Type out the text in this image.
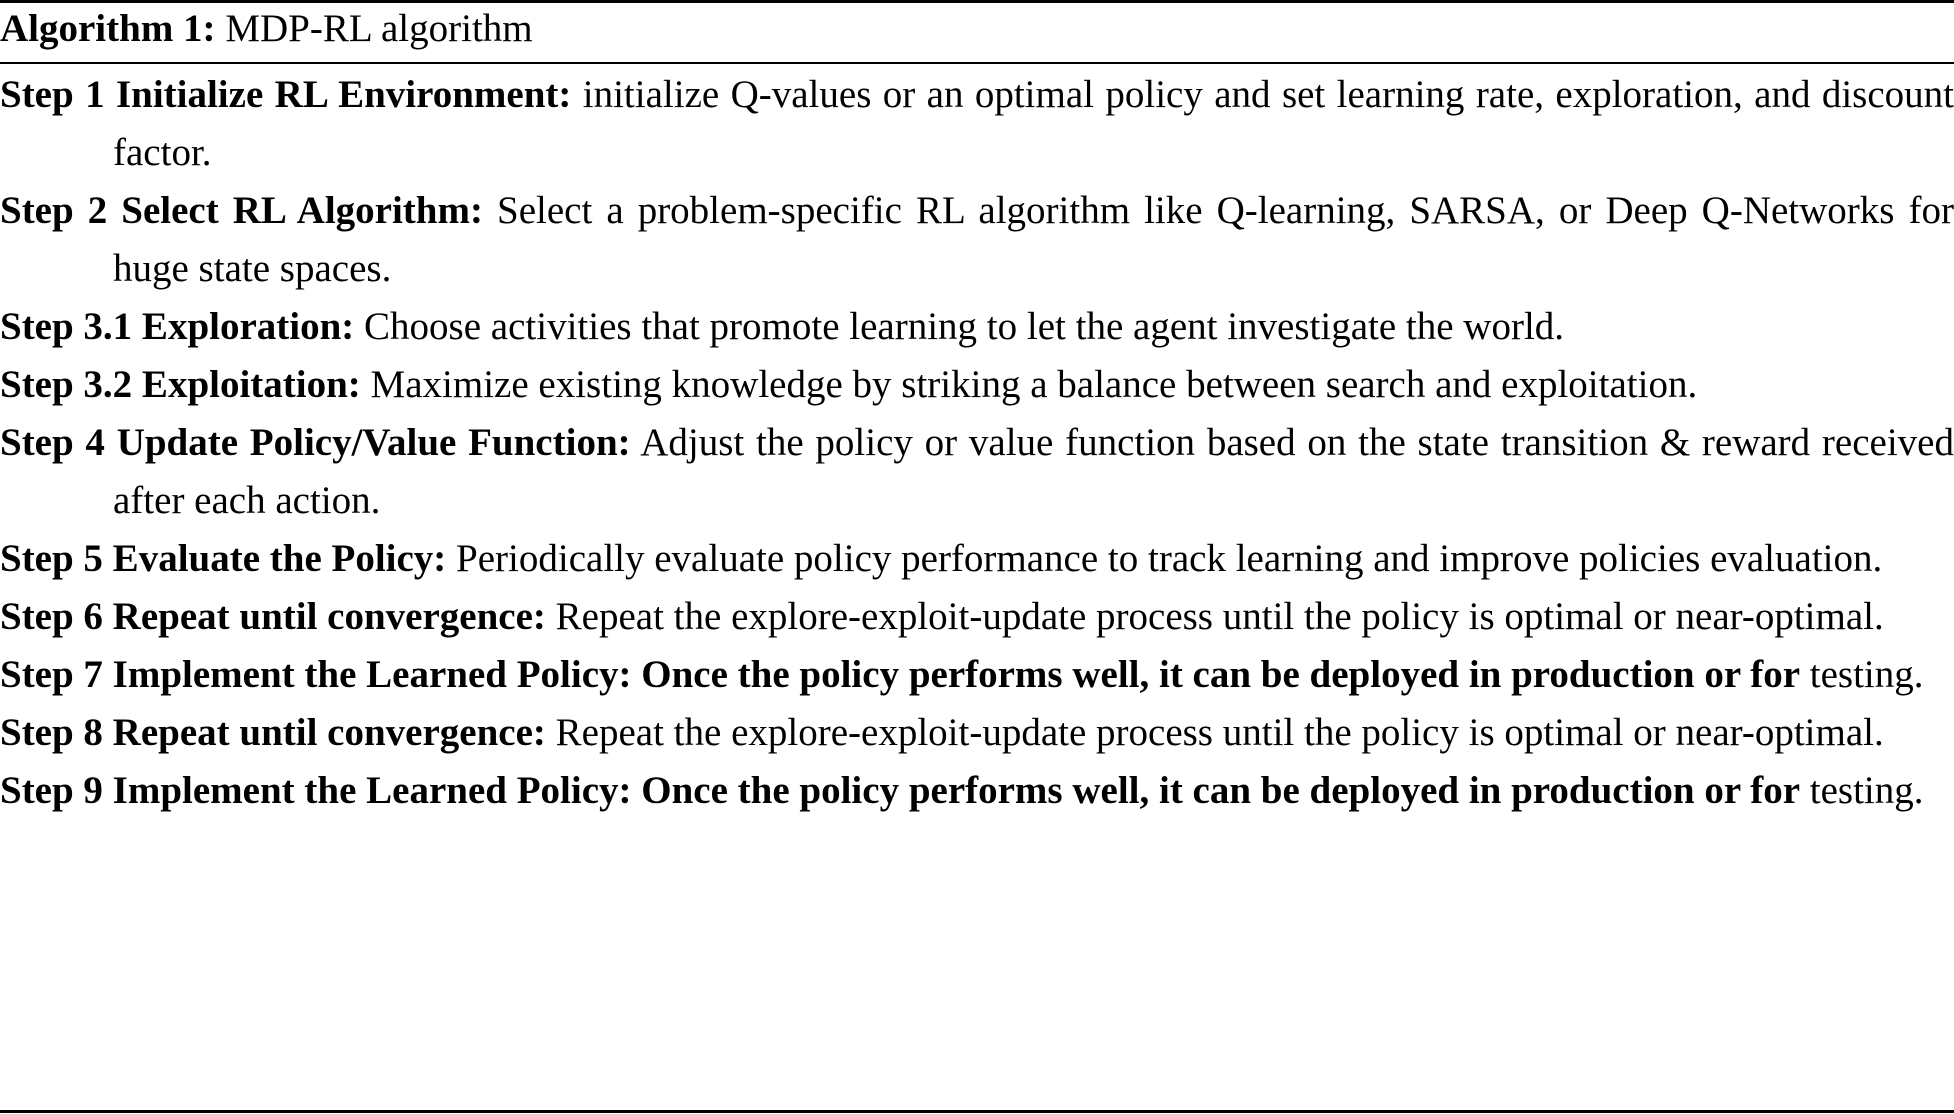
Algorithm 1: MDP-RL algorithm
Step 1 Initialize RL Environment: initialize Q-values or an optimal policy and set learning rate, exploration, and discount factor.
Step 2 Select RL Algorithm: Select a problem-specific RL algorithm like Q-learning, SARSA, or Deep Q-Networks for huge state spaces.
Step 3.1 Exploration: Choose activities that promote learning to let the agent investigate the world.
Step 3.2 Exploitation: Maximize existing knowledge by striking a balance between search and exploitation.
Step 4 Update Policy/Value Function: Adjust the policy or value function based on the state transition & reward received after each action.
Step 5 Evaluate the Policy: Periodically evaluate policy performance to track learning and improve policies evaluation.
Step 6 Repeat until convergence: Repeat the explore-exploit-update process until the policy is optimal or near-optimal.
Step 7 Implement the Learned Policy: Once the policy performs well, it can be deployed in production or for testing.
Step 8 Repeat until convergence: Repeat the explore-exploit-update process until the policy is optimal or near-optimal.
Step 9 Implement the Learned Policy: Once the policy performs well, it can be deployed in production or for testing.
